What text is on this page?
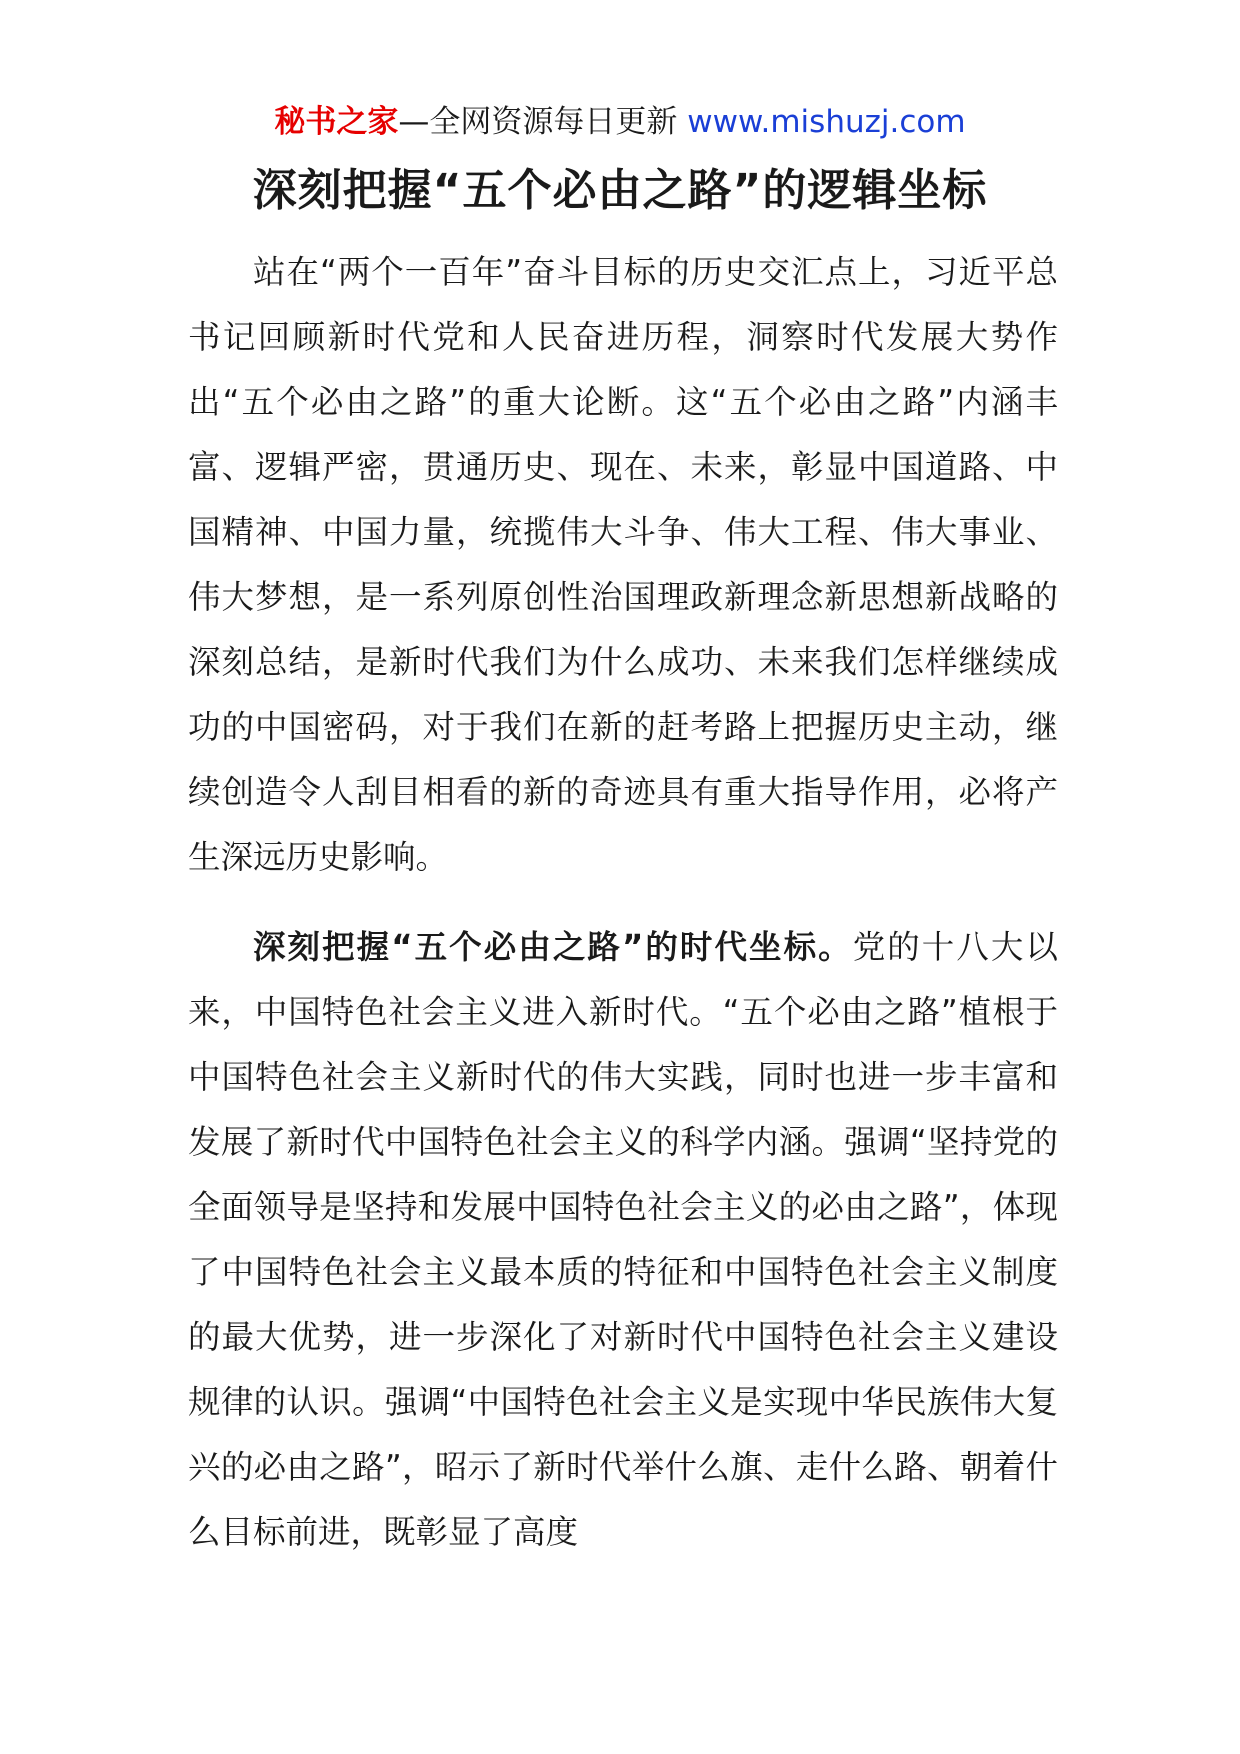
秘书之家—全网资源每日更新 www.mishuzj.com
深刻把握“五个必由之路”的逻辑坐标

站在“两个一百年”奋斗目标的历史交汇点上，习近平总书记回顾新时代党和人民奋进历程，洞察时代发展大势作出“五个必由之路”的重大论断。这“五个必由之路”内涵丰富、逻辑严密，贯通历史、现在、未来，彰显中国道路、中国精神、中国力量，统揽伟大斗争、伟大工程、伟大事业、伟大梦想，是一系列原创性治国理政新理念新思想新战略的深刻总结，是新时代我们为什么成功、未来我们怎样继续成功的中国密码，对于我们在新的赶考路上把握历史主动，继续创造令人刮目相看的新的奇迹具有重大指导作用，必将产生深远历史影响。

深刻把握“五个必由之路”的时代坐标。党的十八大以来，中国特色社会主义进入新时代。“五个必由之路”植根于中国特色社会主义新时代的伟大实践，同时也进一步丰富和发展了新时代中国特色社会主义的科学内涵。强调“坚持党的全面领导是坚持和发展中国特色社会主义的必由之路”，体现了中国特色社会主义最本质的特征和中国特色社会主义制度的最大优势，进一步深化了对新时代中国特色社会主义建设规律的认识。强调“中国特色社会主义是实现中华民族伟大复兴的必由之路”，昭示了新时代举什么旗、走什么路、朝着什么目标前进，既彰显了高度
